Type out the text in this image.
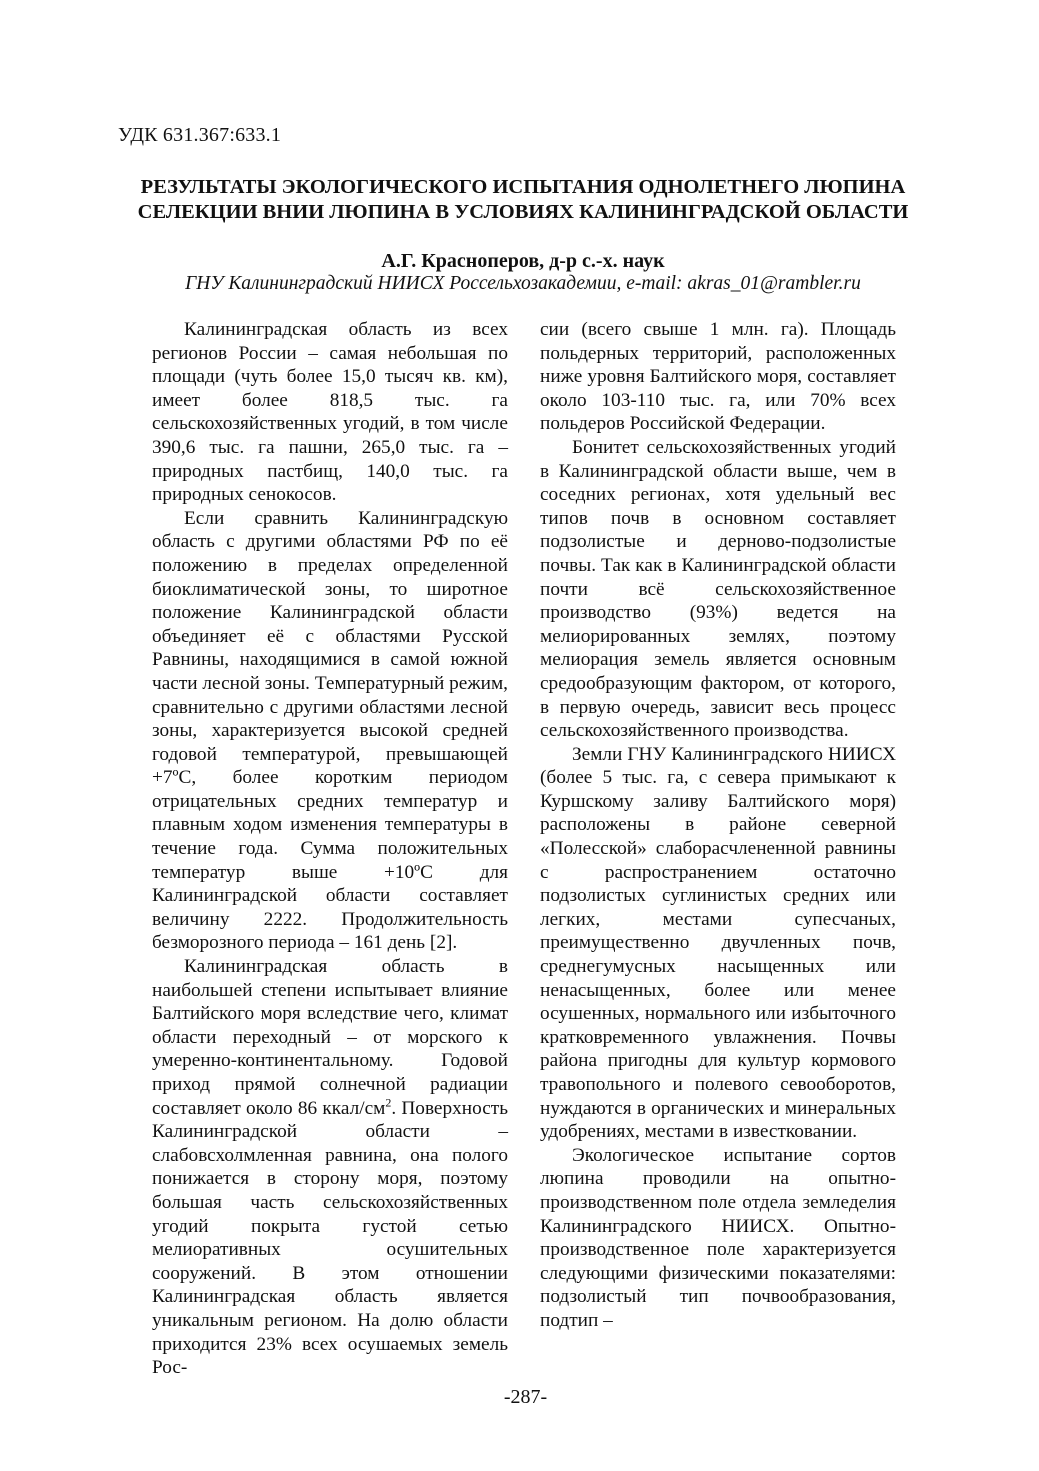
УДК 631.367:633.1
РЕЗУЛЬТАТЫ ЭКОЛОГИЧЕСКОГО ИСПЫТАНИЯ ОДНОЛЕТНЕГО ЛЮПИНА СЕЛЕКЦИИ ВНИИ ЛЮПИНА В УСЛОВИЯХ КАЛИНИНГРАДСКОЙ ОБЛАСТИ
А.Г. Красноперов, д-р с.-х. наук
ГНУ Калининградский НИИСХ Россельхозакадемии, e-mail: akras_01@rambler.ru

Калининградская область из всех регионов России – самая небольшая по площади (чуть более 15,0 тысяч кв. км), имеет более 818,5 тыс. га сельскохозяйственных угодий, в том числе 390,6 тыс. га пашни, 265,0 тыс. га – природных пастбищ, 140,0 тыс. га природных сенокосов.

Если сравнить Калининградскую область с другими областями РФ по её положению в пределах определенной биоклиматической зоны, то широтное положение Калининградской области объединяет её с областями Русской Равнины, находящимися в самой южной части лесной зоны. Температурный режим, сравнительно с другими областями лесной зоны, характеризуется высокой средней годовой температурой, превышающей +7ºС, более коротким периодом отрицательных средних температур и плавным ходом изменения температуры в течение года. Сумма положительных температур выше +10ºС для Калининградской области составляет величину 2222. Продолжительность безморозного периода – 161 день [2].

Калининградская область в наибольшей степени испытывает влияние Балтийского моря вследствие чего, климат области переходный – от морского к умеренно-континентальному. Годовой приход прямой солнечной радиации составляет около 86 ккал/$см^2$. Поверхность Калининградской области – слабовсхолмленная равнина, она полого понижается в сторону моря, поэтому большая часть сельскохозяйственных угодий покрыта густой сетью мелиоративных осушительных сооружений. В этом отношении Калининградская область является уникальным регионом. На долю области приходится 23% всех осушаемых земель Рос-

сии (всего свыше 1 млн. га). Площадь польдерных территорий, расположенных ниже уровня Балтийского моря, составляет около 103-110 тыс. га, или 70% всех польдеров Российской Федерации.

Бонитет сельскохозяйственных угодий в Калининградской области выше, чем в соседних регионах, хотя удельный вес типов почв в основном составляет подзолистые и дерново-подзолистые почвы. Так как в Калининградской области почти всё сельскохозяйственное производство (93%) ведется на мелиорированных землях, поэтому мелиорация земель является основным средообразующим фактором, от которого, в первую очередь, зависит весь процесс сельскохозяйственного производства.

Земли ГНУ Калининградского НИИСХ (более 5 тыс. га, с севера примыкают к Куршскому заливу Балтийского моря) расположены в районе северной «Полесской» слаборасчлененной равнины с распространением остаточно подзолистых суглинистых средних или легких, местами супесчаных, преимущественно двучленных почв, среднегумусных насыщенных или ненасыщенных, более или менее осушенных, нормального или избыточного кратковременного увлажнения. Почвы района пригодны для культур кормового травопольного и полевого севооборотов, нуждаются в органических и минеральных удобрениях, местами в известковании.

Экологическое испытание сортов люпина проводили на опытно-производственном поле отдела земледелия Калининградского НИИСХ. Опытно-производственное поле характеризуется следующими физическими показателями: подзолистый тип почвообразования, подтип –

-287-
